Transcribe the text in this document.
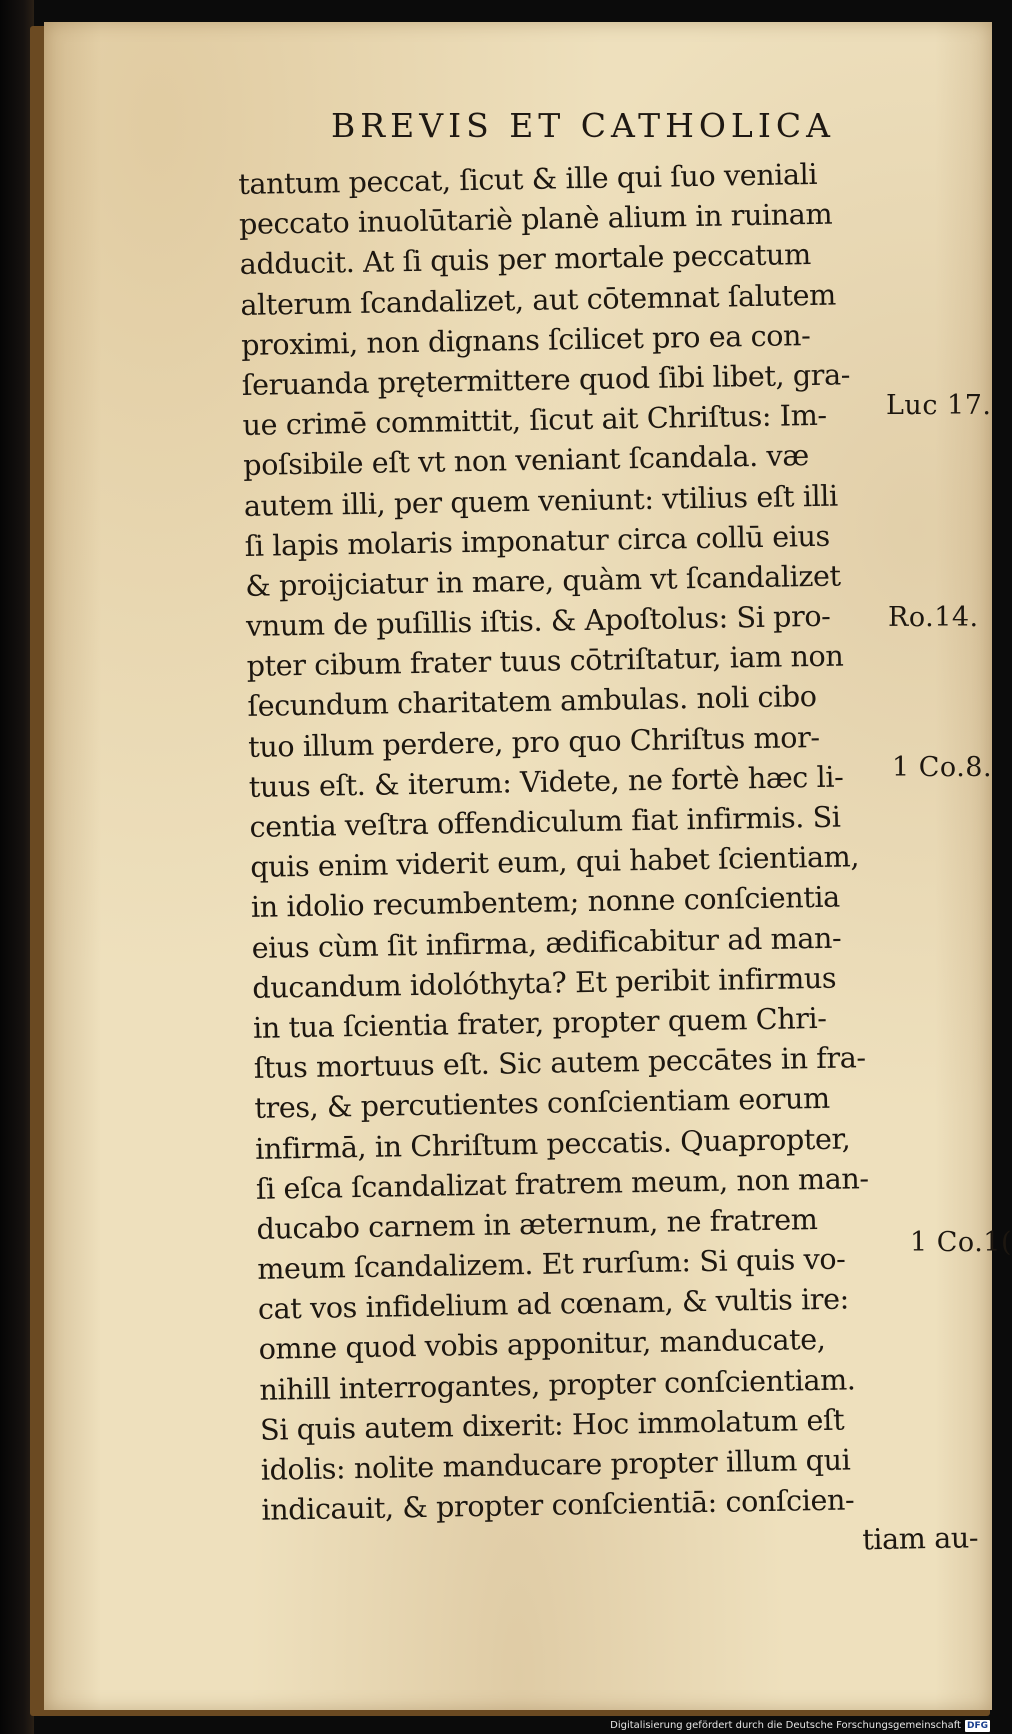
BREVIS ET CATHOLICA
tantum peccat, ſicut & ille qui ſuo veniali
peccato inuolūtariè planè alium in ruinam
adducit. At ſi quis per mortale peccatum
alterum ſcandalizet, aut cōtemnat ſalutem
proximi, non dignans ſcilicet pro ea con-
ſeruanda prętermittere quod ſibi libet, gra-
ue crimē committit, ſicut ait Chriſtus: Im-
poſsibile eſt vt non veniant ſcandala. væ
autem illi, per quem veniunt: vtilius eſt illi
ſi lapis molaris imponatur circa collū eius
& proijciatur in mare, quàm vt ſcandalizet
vnum de puſillis iſtis. & Apoſtolus: Si pro-
pter cibum frater tuus cōtriſtatur, iam non
ſecundum charitatem ambulas. noli cibo
tuo illum perdere, pro quo Chriſtus mor-
tuus eſt. & iterum: Videte, ne fortè hæc li-
centia veſtra offendiculum fiat infirmis. Si
quis enim viderit eum, qui habet ſcientiam,
in idolio recumbentem; nonne conſcientia
eius cùm ſit infirma, ædificabitur ad man-
ducandum idolóthyta? Et peribit infirmus
in tua ſcientia frater, propter quem Chri-
ſtus mortuus eſt. Sic autem peccātes in fra-
tres, & percutientes conſcientiam eorum
infirmā, in Chriſtum peccatis. Quapropter,
ſi eſca ſcandalizat fratrem meum, non man-
ducabo carnem in æternum, ne fratrem
meum ſcandalizem. Et rurſum: Si quis vo-
cat vos infidelium ad cœnam, & vultis ire:
omne quod vobis apponitur, manducate,
nihill interrogantes, propter conſcientiam.
Si quis autem dixerit: Hoc immolatum eſt
idolis: nolite manducare propter illum qui
indicauit, & propter conſcientiā: conſcien-
tiam au-
Luc 17.
Ro.14.
1 Co.8.
1 Co.1(
Digitalisierung gefördert durch die Deutsche Forschungsgemeinschaft DFG
